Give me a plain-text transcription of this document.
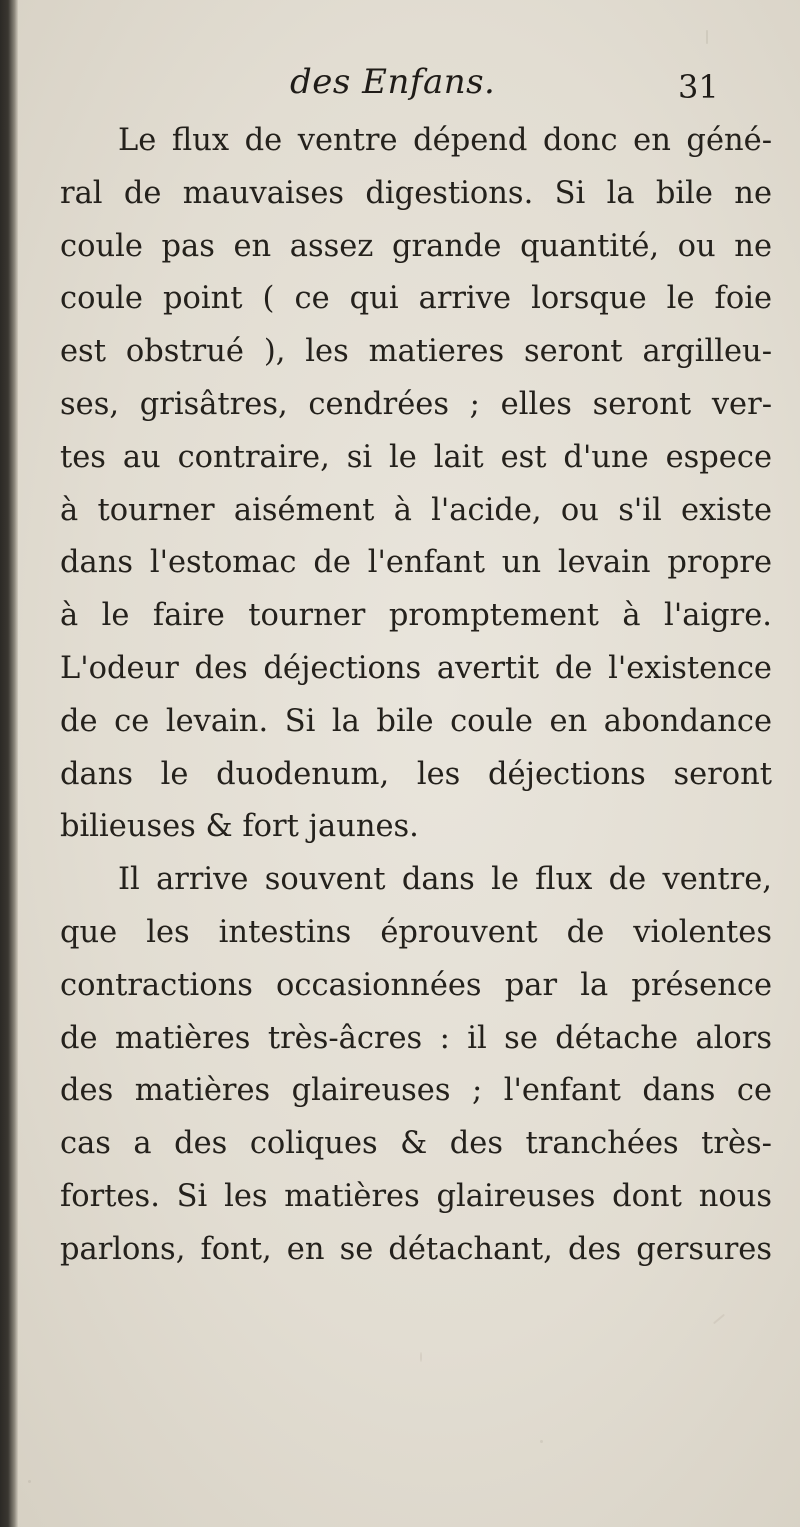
des Enfans.	31
Le flux de ventre dépend donc en géné-
ral de mauvaises digestions. Si la bile ne
coule pas en assez grande quantité, ou ne
coule point ( ce qui arrive lorsque le foie
est obstrué ), les matieres seront argilleu-
ses, grisâtres, cendrées ; elles seront ver-
tes au contraire, si le lait est d'une espece
à tourner aisément à l'acide, ou s'il existe
dans l'estomac de l'enfant un levain propre
à le faire tourner promptement à l'aigre.
L'odeur des déjections avertit de l'existence
de ce levain. Si la bile coule en abondance
dans le duodenum, les déjections seront
bilieuses & fort jaunes.
Il arrive souvent dans le flux de ventre,
que les intestins éprouvent de violentes
contractions occasionnées par la présence
de matières très-âcres : il se détache alors
des matières glaireuses ; l'enfant dans ce
cas a des coliques & des tranchées très-
fortes. Si les matières glaireuses dont nous
parlons, font, en se détachant, des gersures
